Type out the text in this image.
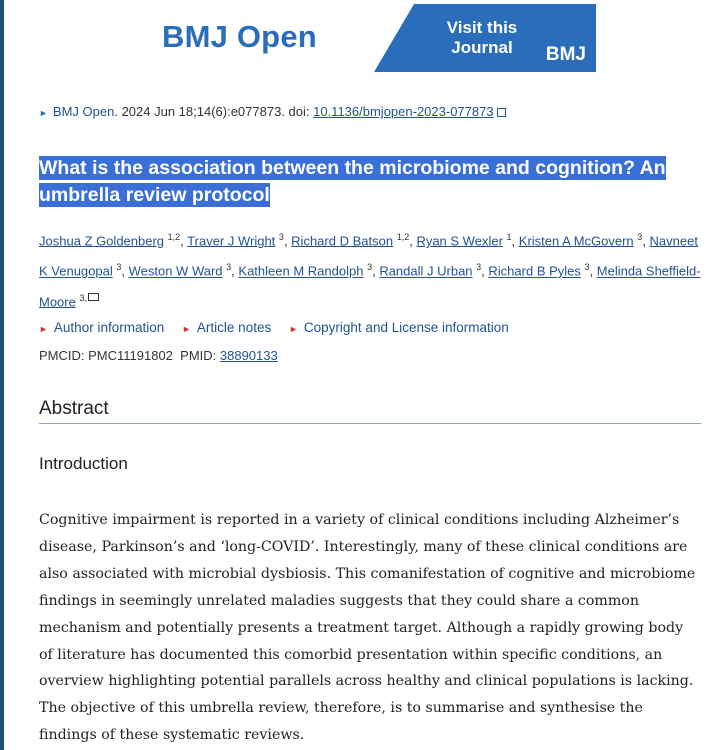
BMJ Open	Visit this Journal	BMJ
► BMJ Open. 2024 Jun 18;14(6):e077873. doi: 10.1136/bmjopen-2023-077873
What is the association between the microbiome and cognition? An umbrella review protocol
Joshua Z Goldenberg $^{1,2}$, Traver J Wright $^3$, Richard D Batson $^{1,2}$, Ryan S Wexler $^1$, Kristen A McGovern $^3$, Navneet K Venugopal $^3$, Weston W Ward $^3$, Kathleen M Randolph $^3$, Randall J Urban $^3$, Richard B Pyles $^3$, Melinda Sheffield-Moore $^{3,}$
► Author information ► Article notes ► Copyright and License information
PMCID: PMC11191802 PMID: 38890133
Abstract
Introduction

Cognitive impairment is reported in a variety of clinical conditions including Alzheimer’s disease, Parkinson’s and ‘long-COVID’. Interestingly, many of these clinical conditions are also associated with microbial dysbiosis. This comanifestation of cognitive and microbiome findings in seemingly unrelated maladies suggests that they could share a common mechanism and potentially presents a treatment target. Although a rapidly growing body of literature has documented this comorbid presentation within specific conditions, an overview highlighting potential parallels across healthy and clinical populations is lacking. The objective of this umbrella review, therefore, is to summarise and synthesise the findings of these systematic reviews.
